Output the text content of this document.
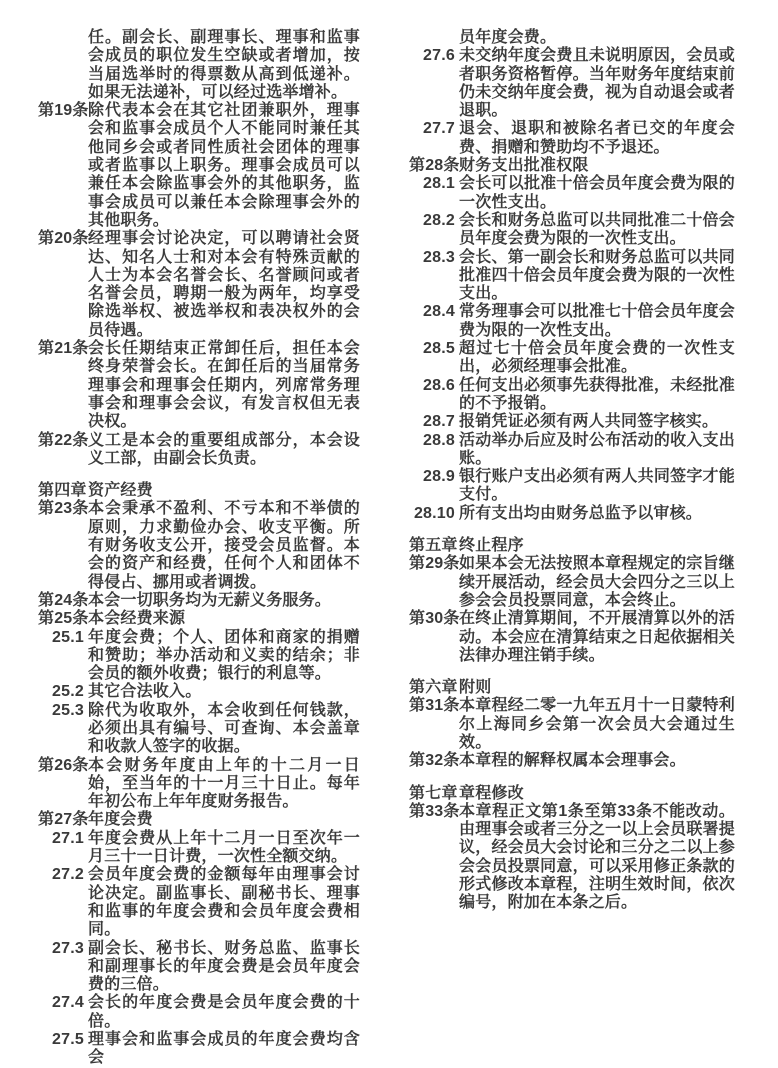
任。副会长、副理事长、理事和监事会成员的职位发生空缺或者增加，按当届选举时的得票数从高到低递补。如果无法递补，可以经过选举增补。
第19条 除代表本会在其它社团兼职外，理事会和监事会成员个人不能同时兼任其他同乡会或者同性质社会团体的理事或者监事以上职务。理事会成员可以兼任本会除监事会外的其他职务，监事会成员可以兼任本会除理事会外的其他职务。
第20条 经理事会讨论决定，可以聘请社会贤达、知名人士和对本会有特殊贡献的人士为本会名誉会长、名誉顾问或者名誉会员，聘期一般为两年，均享受除选举权、被选举权和表决权外的会员待遇。
第21条 会长任期结束正常卸任后，担任本会终身荣誉会长。在卸任后的当届常务理事会和理事会任期内，列席常务理事会和理事会会议，有发言权但无表决权。
第22条 义工是本会的重要组成部分，本会设义工部，由副会长负责。
第四章 资产经费
第23条 本会秉承不盈利、不亏本和不举债的原则，力求勤俭办会、收支平衡。所有财务收支公开，接受会员监督。本会的资产和经费，任何个人和团体不得侵占、挪用或者调拨。
第24条 本会一切职务均为无薪义务服务。
第25条 本会经费来源
25.1 年度会费；个人、团体和商家的捐赠和赞助；举办活动和义卖的结余；非会员的额外收费；银行的利息等。
25.2 其它合法收入。
25.3 除代为收取外，本会收到任何钱款，必须出具有编号、可查询、本会盖章和收款人签字的收据。
第26条 本会财务年度由上年的十二月一日始，至当年的十一月三十日止。每年年初公布上年年度财务报告。
第27条 年度会费
27.1 年度会费从上年十二月一日至次年一月三十一日计费，一次性全额交纳。
27.2 会员年度会费的金额每年由理事会讨论决定。副监事长、副秘书长、理事和监事的年度会费和会员年度会费相同。
27.3 副会长、秘书长、财务总监、监事长和副理事长的年度会费是会员年度会费的三倍。
27.4 会长的年度会费是会员年度会费的十倍。
27.5 理事会和监事会成员的年度会费均含会
员年度会费。
27.6 未交纳年度会费且未说明原因，会员或者职务资格暂停。当年财务年度结束前仍未交纳年度会费，视为自动退会或者退职。
27.7 退会、退职和被除名者已交的年度会费、捐赠和赞助均不予退还。
第28条 财务支出批准权限
28.1 会长可以批准十倍会员年度会费为限的一次性支出。
28.2 会长和财务总监可以共同批准二十倍会员年度会费为限的一次性支出。
28.3 会长、第一副会长和财务总监可以共同批准四十倍会员年度会费为限的一次性支出。
28.4 常务理事会可以批准七十倍会员年度会费为限的一次性支出。
28.5 超过七十倍会员年度会费的一次性支出，必须经理事会批准。
28.6 任何支出必须事先获得批准，未经批准的不予报销。
28.7 报销凭证必须有两人共同签字核实。
28.8 活动举办后应及时公布活动的收入支出账。
28.9 银行账户支出必须有两人共同签字才能支付。
28.10 所有支出均由财务总监予以审核。
第五章 终止程序
第29条 如果本会无法按照本章程规定的宗旨继续开展活动，经会员大会四分之三以上参会会员投票同意，本会终止。
第30条 在终止清算期间，不开展清算以外的活动。本会应在清算结束之日起依据相关法律办理注销手续。
第六章 附则
第31条 本章程经二零一九年五月十一日蒙特利尔上海同乡会第一次会员大会通过生效。
第32条 本章程的解释权属本会理事会。
第七章 章程修改
第33条 本章程正文第1条至第33条不能改动。由理事会或者三分之一以上会员联署提议，经会员大会讨论和三分之二以上参会会员投票同意，可以采用修正条款的形式修改本章程，注明生效时间，依次编号，附加在本条之后。
